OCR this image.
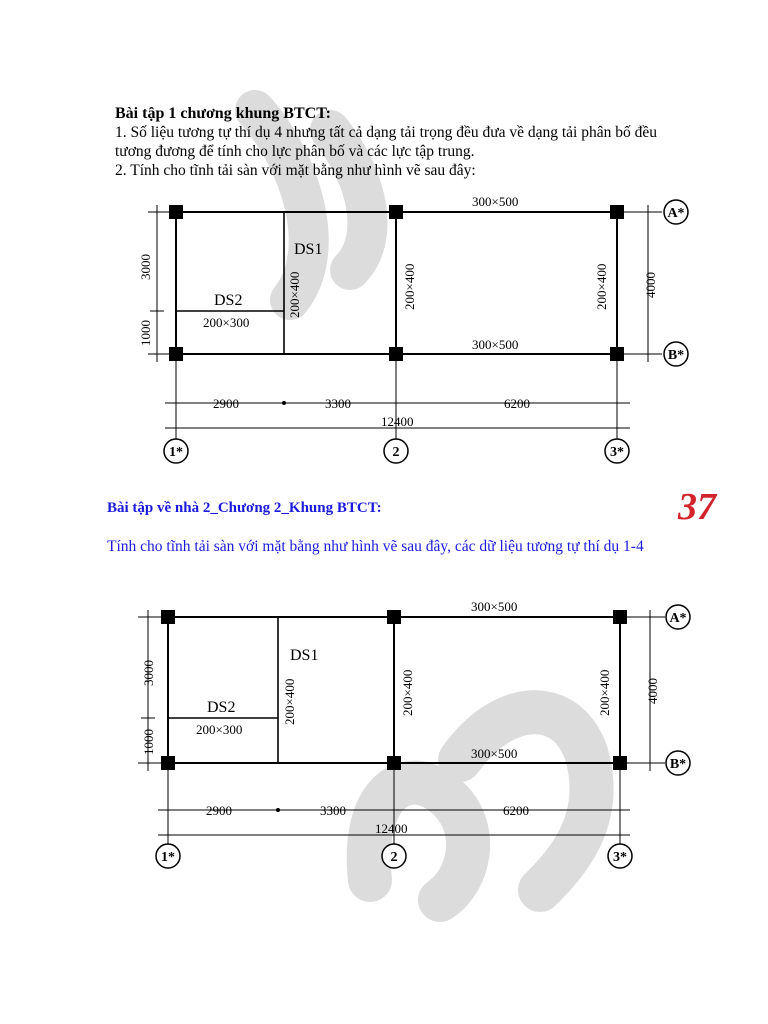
Bài tập 1 chương khung BTCT:
1. Số liệu tương tự thí dụ 4 nhưng tất cả dạng tải trọng đều đưa về dạng tải phân bố đều
tương đương để tính cho lực phân bố và các lực tập trung.
2. Tính cho tĩnh tải sàn với mặt bằng như hình vẽ sau đây:
Bài tập về nhà 2_Chương 2_Khung BTCT:	37
Tính cho tĩnh tải sàn với mặt bằng như hình vẽ sau đây, các dữ liệu tương tự thí dụ 1-4
300×500
300×500
DS1
DS2
200×300
200×400	200×400	200×400
3000
1000
4000
2900	3300	6200
12400
A*
B*
1*	2	3*
300×500
300×500
DS1
DS2
200×300
200×400	200×400	200×400
3000
1000
4000
2900	3300	6200
12400
A*
B*
1*	2	3*
